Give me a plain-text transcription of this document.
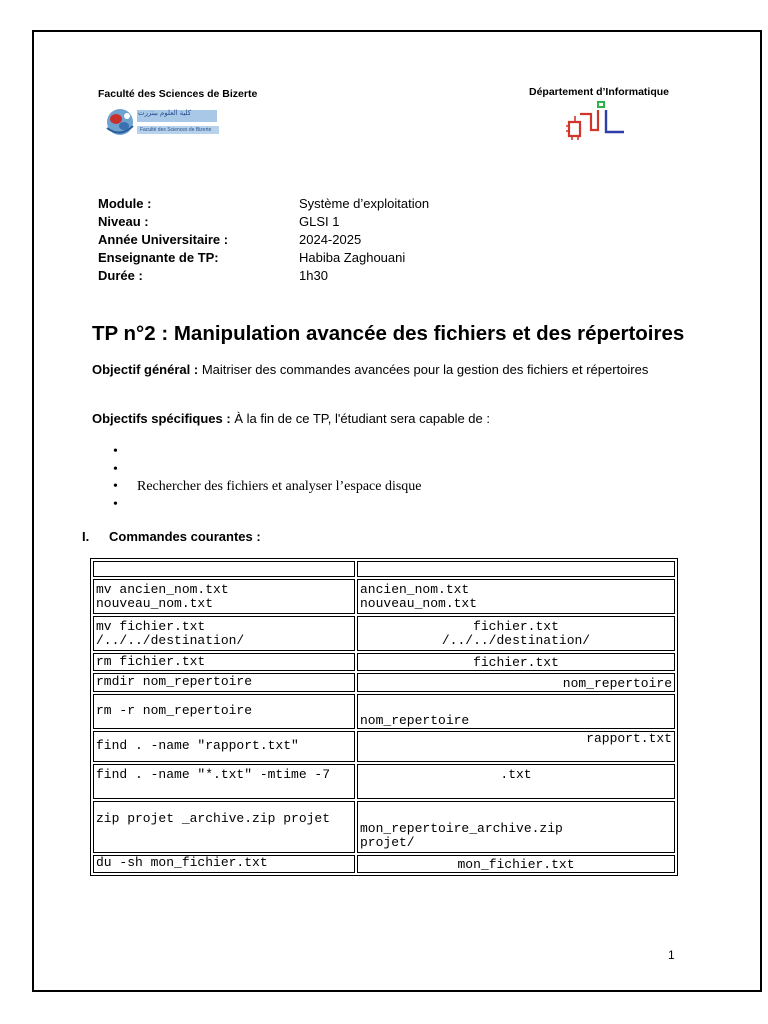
Faculté des Sciences de Bizerte	Département d’Informatique
كلية العلوم ببنزرت
Faculté des Sciences de Bizerte
Module :	Système d’exploitation
Niveau :	GLSI 1
Année Universitaire :	2024-2025
Enseignante de TP:	Habiba Zaghouani
Durée :	1h30
TP n°2 : Manipulation avancée des fichiers et des répertoires
Objectif général : Maitriser des commandes avancées pour la gestion des fichiers et répertoires
Objectifs spécifiques : À la fin de ce TP, l'étudiant sera capable de :
•
•
• Rechercher des fichiers et analyser l’espace disque
•
I. Commandes courantes :

mv ancien_nom.txt nouveau_nom.txt	ancien_nom.txt
nouveau_nom.txt

mv fichier.txt /../../destination/	fichier.txt
/../../destination/

rm fichier.txt	fichier.txt

rmdir nom_repertoire	nom_repertoire

rm -r nom_repertoire	nom_repertoire

find . -name "rapport.txt"	rapport.txt

find . -name "*.txt" -mtime -7	.txt

zip projet _archive.zip projet	mon_repertoire_archive.zip
projet/

du -sh mon_fichier.txt	mon_fichier.txt
1
